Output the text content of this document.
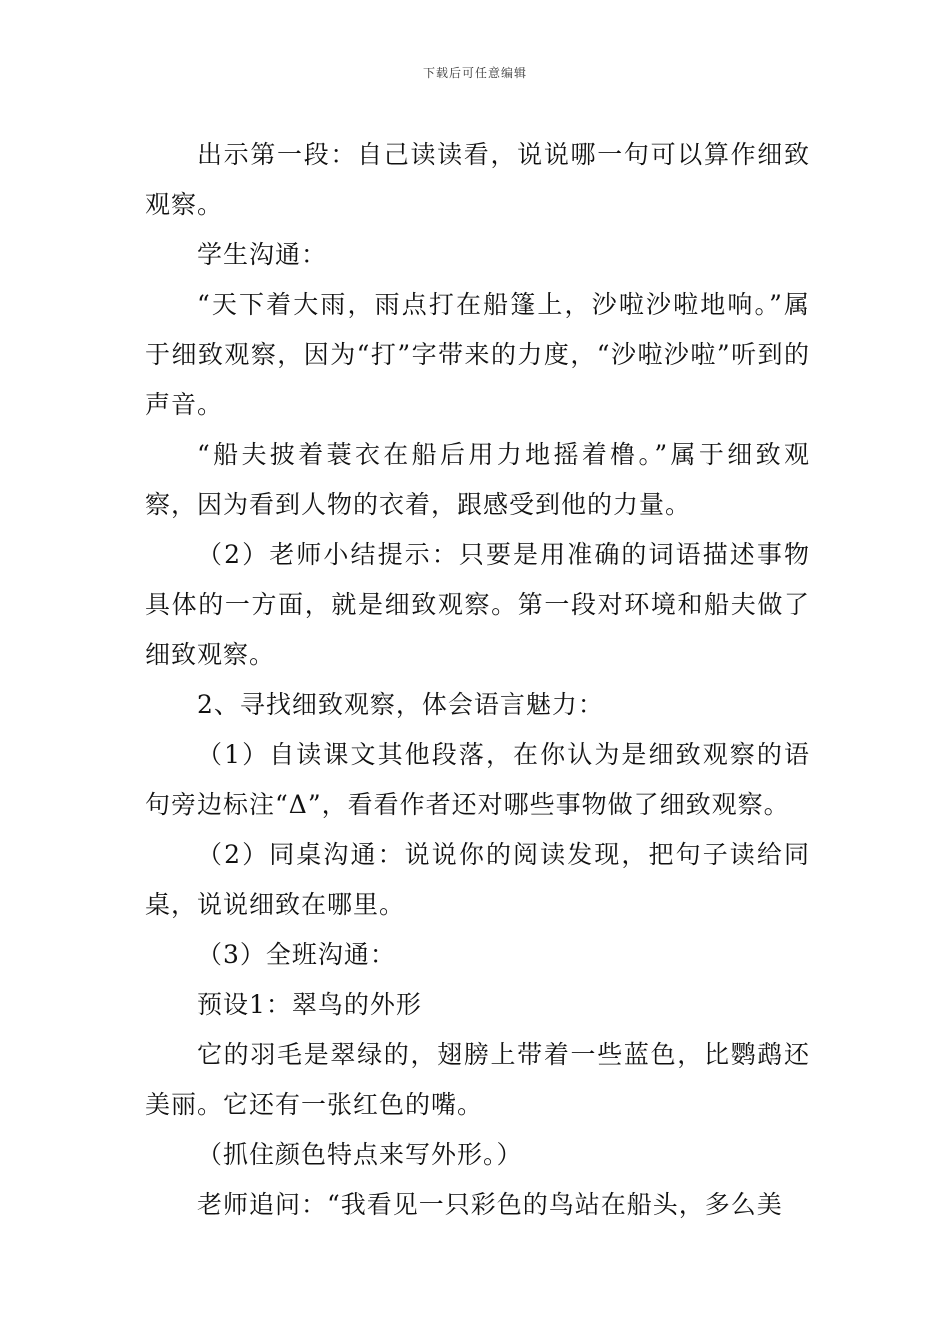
下载后可任意编辑

出示第一段：自己读读看，说说哪一句可以算作细致观察。

学生沟通：

“天下着大雨，雨点打在船篷上，沙啦沙啦地响。”属于细致观察，因为“打”字带来的力度，“沙啦沙啦”听到的声音。

“船夫披着蓑衣在船后用力地摇着橹。”属于细致观察，因为看到人物的衣着，跟感受到他的力量。

（2）老师小结提示：只要是用准确的词语描述事物具体的一方面，就是细致观察。第一段对环境和船夫做了细致观察。

2、寻找细致观察，体会语言魅力：

（1）自读课文其他段落，在你认为是细致观察的语句旁边标注“Δ”，看看作者还对哪些事物做了细致观察。

（2）同桌沟通：说说你的阅读发现，把句子读给同桌，说说细致在哪里。

（3）全班沟通：

预设1：翠鸟的外形

它的羽毛是翠绿的，翅膀上带着一些蓝色，比鹦鹉还美丽。它还有一张红色的嘴。

（抓住颜色特点来写外形。）

老师追问：“我看见一只彩色的鸟站在船头，多么美
